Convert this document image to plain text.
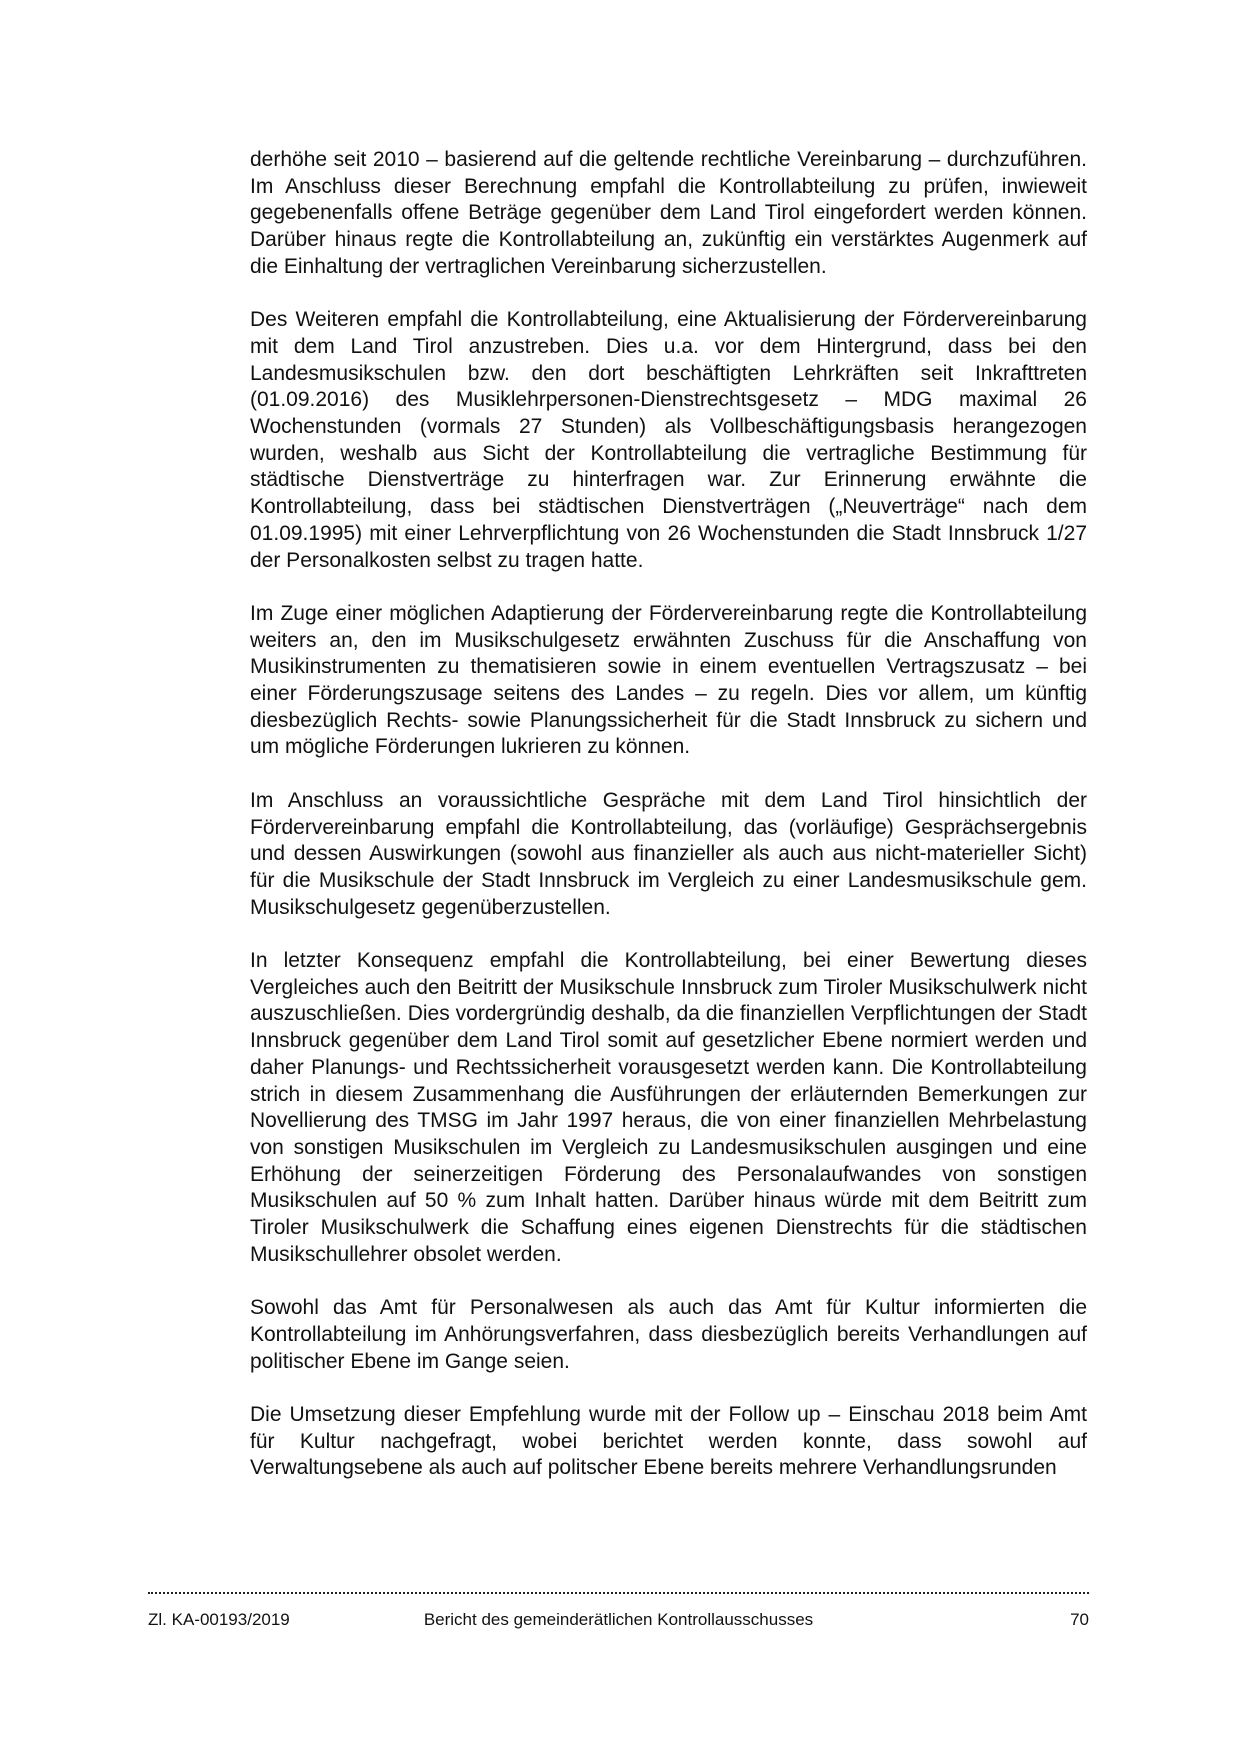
derhöhe seit 2010 – basierend auf die geltende rechtliche Vereinbarung – durchzuführen. Im Anschluss dieser Berechnung empfahl die Kontrollabteilung zu prüfen, inwieweit gegebenenfalls offene Beträge gegenüber dem Land Tirol eingefordert werden können. Darüber hinaus regte die Kontrollabteilung an, zukünftig ein verstärktes Augenmerk auf die Einhaltung der vertraglichen Vereinbarung sicherzustellen.

Des Weiteren empfahl die Kontrollabteilung, eine Aktualisierung der Fördervereinbarung mit dem Land Tirol anzustreben. Dies u.a. vor dem Hintergrund, dass bei den Landesmusikschulen bzw. den dort beschäftigten Lehrkräften seit Inkrafttreten (01.09.2016) des Musiklehrpersonen-Dienstrechtsgesetz – MDG maximal 26 Wochenstunden (vormals 27 Stunden) als Vollbeschäftigungsbasis herangezogen wurden, weshalb aus Sicht der Kontrollabteilung die vertragliche Bestimmung für städtische Dienstverträge zu hinterfragen war. Zur Erinnerung erwähnte die Kontrollabteilung, dass bei städtischen Dienstverträgen („Neuverträge“ nach dem 01.09.1995) mit einer Lehrverpflichtung von 26 Wochenstunden die Stadt Innsbruck 1/27 der Personalkosten selbst zu tragen hatte.

Im Zuge einer möglichen Adaptierung der Fördervereinbarung regte die Kontrollabteilung weiters an, den im Musikschulgesetz erwähnten Zuschuss für die Anschaffung von Musikinstrumenten zu thematisieren sowie in einem eventuellen Vertragszusatz – bei einer Förderungszusage seitens des Landes – zu regeln. Dies vor allem, um künftig diesbezüglich Rechts- sowie Planungssicherheit für die Stadt Innsbruck zu sichern und um mögliche Förderungen lukrieren zu können.

Im Anschluss an voraussichtliche Gespräche mit dem Land Tirol hinsichtlich der Fördervereinbarung empfahl die Kontrollabteilung, das (vorläufige) Gesprächsergebnis und dessen Auswirkungen (sowohl aus finanzieller als auch aus nicht-materieller Sicht) für die Musikschule der Stadt Innsbruck im Vergleich zu einer Landesmusikschule gem. Musikschulgesetz gegenüberzustellen.

In letzter Konsequenz empfahl die Kontrollabteilung, bei einer Bewertung dieses Vergleiches auch den Beitritt der Musikschule Innsbruck zum Tiroler Musikschulwerk nicht auszuschließen. Dies vordergründig deshalb, da die finanziellen Verpflichtungen der Stadt Innsbruck gegenüber dem Land Tirol somit auf gesetzlicher Ebene normiert werden und daher Planungs- und Rechtssicherheit vorausgesetzt werden kann. Die Kontrollabteilung strich in diesem Zusammenhang die Ausführungen der erläuternden Bemerkungen zur Novellierung des TMSG im Jahr 1997 heraus, die von einer finanziellen Mehrbelastung von sonstigen Musikschulen im Vergleich zu Landesmusikschulen ausgingen und eine Erhöhung der seinerzeitigen Förderung des Personalaufwandes von sonstigen Musikschulen auf 50 % zum Inhalt hatten. Darüber hinaus würde mit dem Beitritt zum Tiroler Musikschulwerk die Schaffung eines eigenen Dienstrechts für die städtischen Musikschullehrer obsolet werden.

Sowohl das Amt für Personalwesen als auch das Amt für Kultur informierten die Kontrollabteilung im Anhörungsverfahren, dass diesbezüglich bereits Verhandlungen auf politischer Ebene im Gange seien.

Die Umsetzung dieser Empfehlung wurde mit der Follow up – Einschau 2018 beim Amt für Kultur nachgefragt, wobei berichtet werden konnte, dass sowohl auf Verwaltungsebene als auch auf politscher Ebene bereits mehrere Verhandlungsrunden

Zl. KA-00193/2019	Bericht des gemeinderätlichen Kontrollausschusses	70
